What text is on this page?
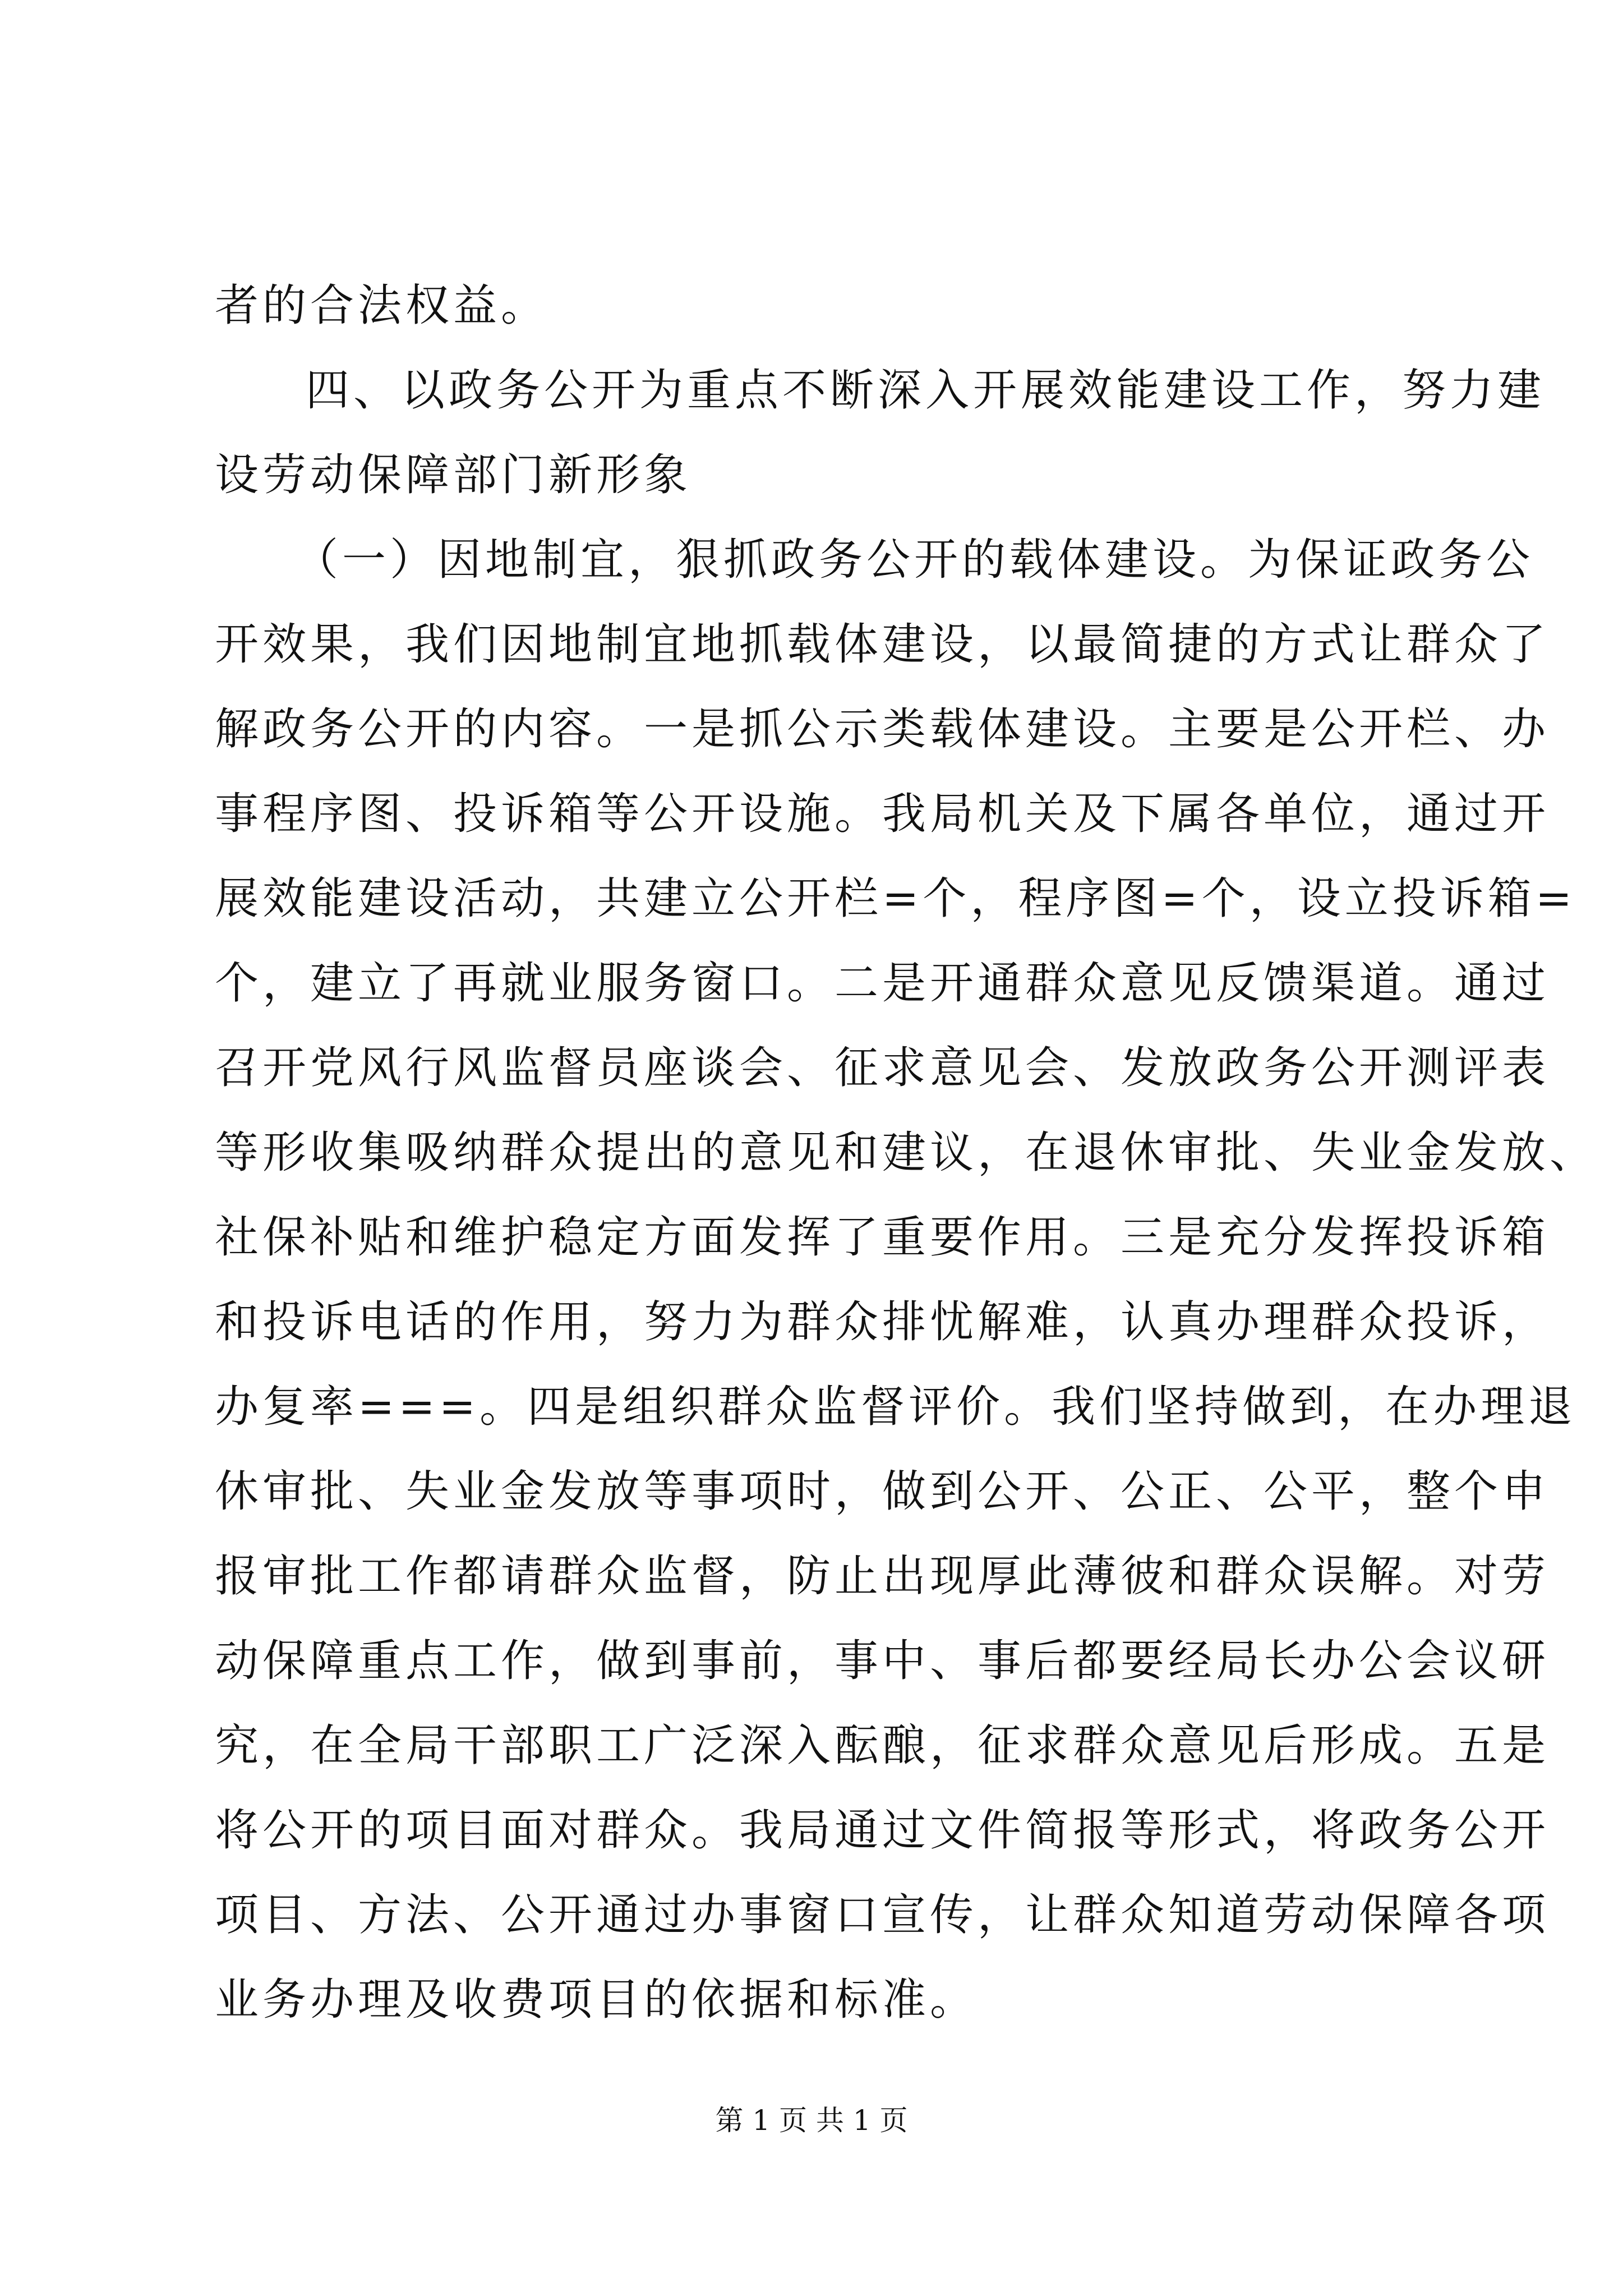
者的合法权益。
四、以政务公开为重点不断深入开展效能建设工作，努力建
设劳动保障部门新形象
（一）因地制宜，狠抓政务公开的载体建设。为保证政务公
开效果，我们因地制宜地抓载体建设，以最简捷的方式让群众了
解政务公开的内容。一是抓公示类载体建设。主要是公开栏、办
事程序图、投诉箱等公开设施。我局机关及下属各单位，通过开
展效能建设活动，共建立公开栏=个，程序图=个，设立投诉箱=
个，建立了再就业服务窗口。二是开通群众意见反馈渠道。通过
召开党风行风监督员座谈会、征求意见会、发放政务公开测评表
等形收集吸纳群众提出的意见和建议，在退休审批、失业金发放、
社保补贴和维护稳定方面发挥了重要作用。三是充分发挥投诉箱
和投诉电话的作用，努力为群众排忧解难，认真办理群众投诉，
办复率===。四是组织群众监督评价。我们坚持做到，在办理退
休审批、失业金发放等事项时，做到公开、公正、公平，整个申
报审批工作都请群众监督，防止出现厚此薄彼和群众误解。对劳
动保障重点工作，做到事前，事中、事后都要经局长办公会议研
究，在全局干部职工广泛深入酝酿，征求群众意见后形成。五是
将公开的项目面对群众。我局通过文件简报等形式，将政务公开
项目、方法、公开通过办事窗口宣传，让群众知道劳动保障各项
业务办理及收费项目的依据和标准。
第 1 页 共 1 页
